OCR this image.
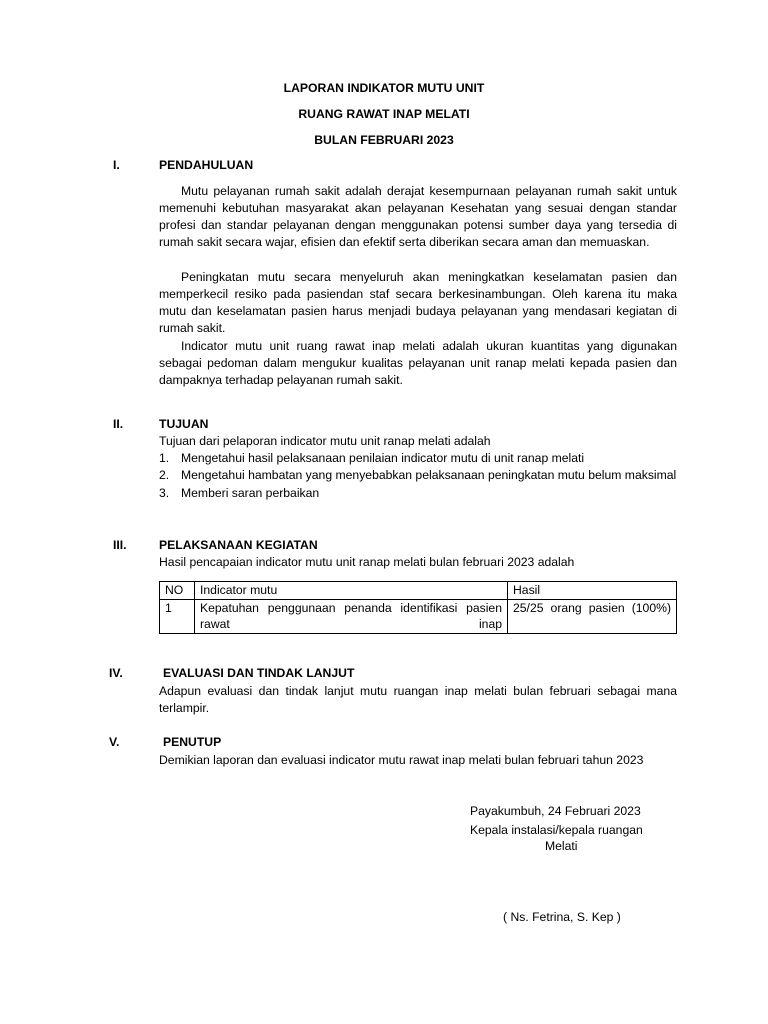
LAPORAN INDIKATOR MUTU UNIT
RUANG RAWAT INAP MELATI
BULAN FEBRUARI 2023
I.	PENDAHULUAN

Mutu pelayanan rumah sakit adalah derajat kesempurnaan pelayanan rumah sakit untuk memenuhi kebutuhan masyarakat akan pelayanan Kesehatan yang sesuai dengan standar profesi dan standar pelayanan dengan menggunakan potensi sumber daya yang tersedia di rumah sakit secara wajar, efisien dan efektif serta diberikan secara aman dan memuaskan.

Peningkatan mutu secara menyeluruh akan meningkatkan keselamatan pasien dan memperkecil resiko pada pasiendan staf secara berkesinambungan. Oleh karena itu maka mutu dan keselamatan pasien harus menjadi budaya pelayanan yang mendasari kegiatan di rumah sakit.

Indicator mutu unit ruang rawat inap melati adalah ukuran kuantitas yang digunakan sebagai pedoman dalam mengukur kualitas pelayanan unit ranap melati kepada pasien dan dampaknya terhadap pelayanan rumah sakit.

II.	TUJUAN
Tujuan dari pelaporan indicator mutu unit ranap melati adalah
1. Mengetahui hasil pelaksanaan penilaian indicator mutu di unit ranap melati
2. Mengetahui hambatan yang menyebabkan pelaksanaan peningkatan mutu belum maksimal
3. Memberi saran perbaikan
III.	PELAKSANAAN KEGIATAN
Hasil pencapaian indicator mutu unit ranap melati bulan februari 2023 adalah
NO	Indicator mutu	Hasil
1	Kepatuhan penggunaan penanda identifikasi pasien rawat inap	25/25 orang pasien (100%)
IV.	EVALUASI DAN TINDAK LANJUT

Adapun evaluasi dan tindak lanjut mutu ruangan inap melati bulan februari sebagai mana terlampir.

V.	PENUTUP

Demikian laporan dan evaluasi indicator mutu rawat inap melati bulan februari tahun 2023

Payakumbuh, 24 Februari 2023
Kepala instalasi/kepala ruangan
Melati
( Ns. Fetrina, S. Kep )
